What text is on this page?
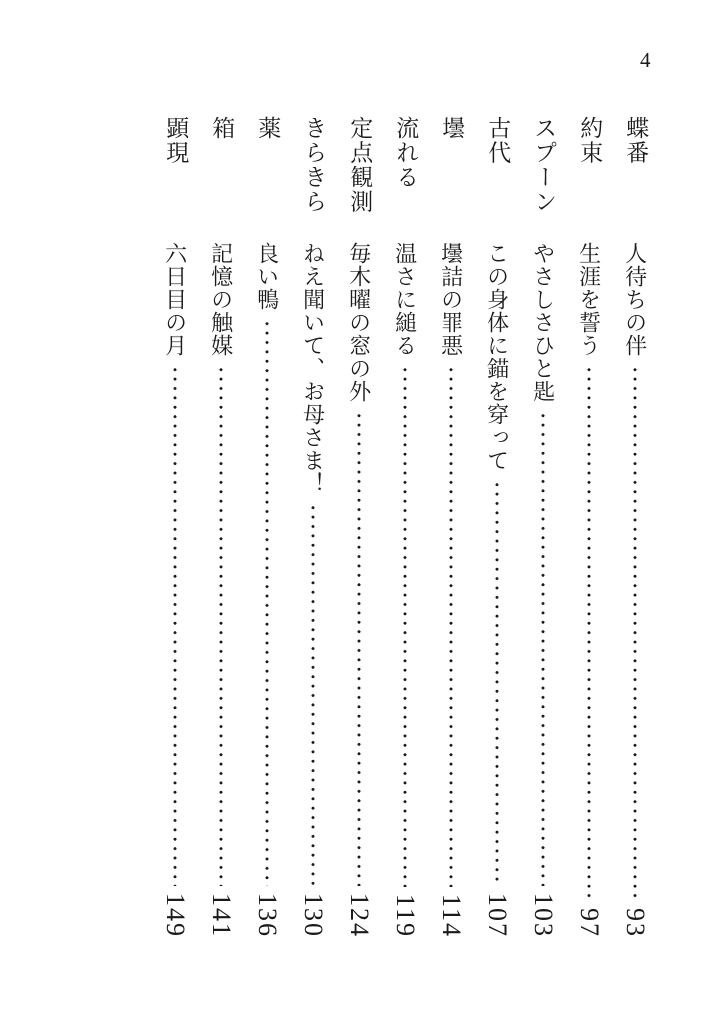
4
蝶番
人待ちの伴
93
約束
生涯を誓う
97
スプーン
やさしさひと匙
103
古代
この身体に錨を穿って
107
壜
壜詰の罪悪
114
流れる
温さに縋る
119
定点観測
毎木曜の窓の外
124
きらきら
ねえ聞いて、お母さま！
130
薬
良い鴨
136
箱
記憶の触媒
141
顕現
六日目の月
149
